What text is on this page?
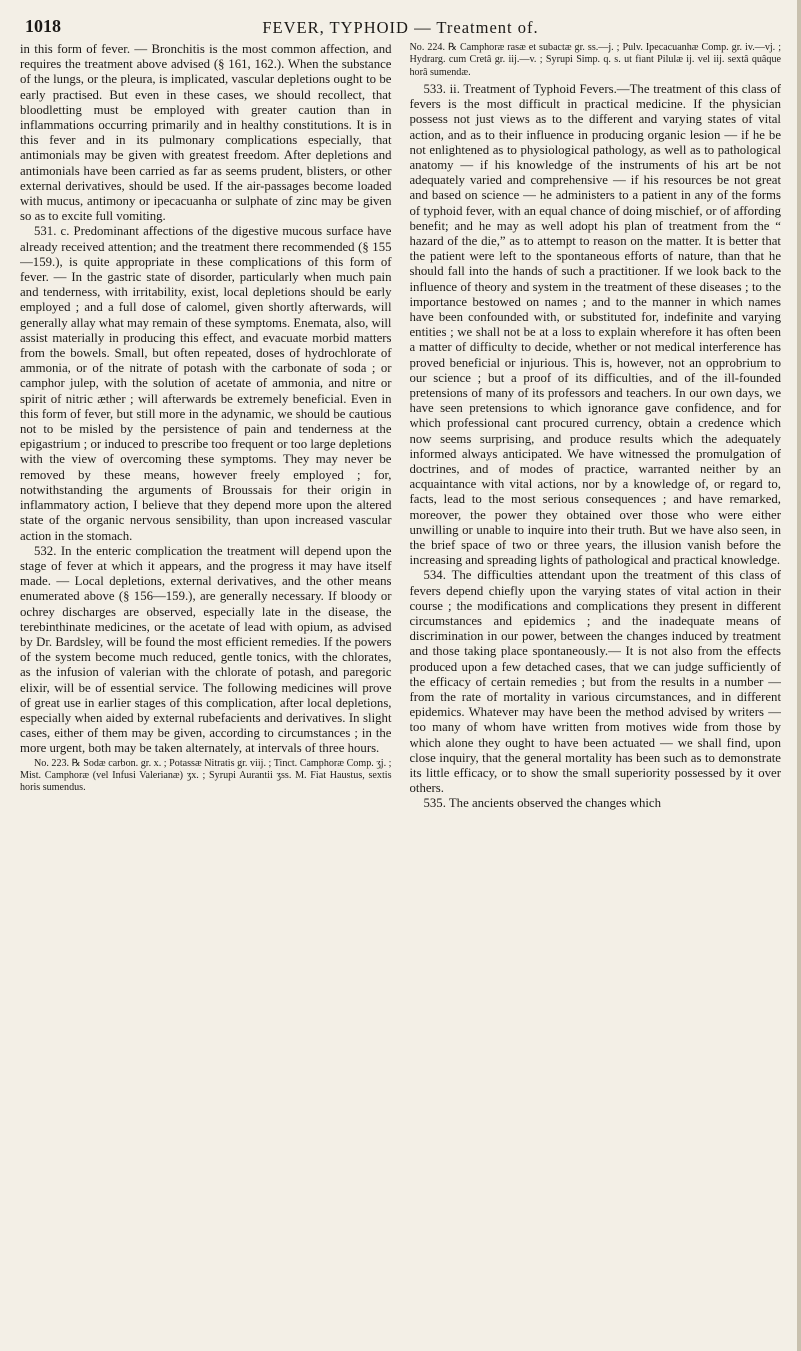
1018	FEVER, TYPHOID — Treatment of.

in this form of fever. — Bronchitis is the most common affection, and requires the treatment above advised (§ 161, 162.). When the substance of the lungs, or the pleura, is implicated, vascular depletions ought to be early practised. But even in these cases, we should recollect, that bloodletting must be employed with greater caution than in inflammations occurring primarily and in healthy constitutions. It is in this fever and in its pulmonary complications especially, that antimonials may be given with greatest freedom. After depletions and antimonials have been carried as far as seems prudent, blisters, or other external derivatives, should be used. If the air-passages become loaded with mucus, antimony or ipecacuanha or sulphate of zinc may be given so as to excite full vomiting.

531. c. Predominant affections of the digestive mucous surface have already received attention; and the treatment there recommended (§ 155—159.), is quite appropriate in these complications of this form of fever. — In the gastric state of disorder, particularly when much pain and tenderness, with irritability, exist, local depletions should be early employed ; and a full dose of calomel, given shortly afterwards, will generally allay what may remain of these symptoms. Enemata, also, will assist materially in producing this effect, and evacuate morbid matters from the bowels. Small, but often repeated, doses of hydrochlorate of ammonia, or of the nitrate of potash with the carbonate of soda ; or camphor julep, with the solution of acetate of ammonia, and nitre or spirit of nitric æther ; will afterwards be extremely beneficial. Even in this form of fever, but still more in the adynamic, we should be cautious not to be misled by the persistence of pain and tenderness at the epigastrium ; or induced to prescribe too frequent or too large depletions with the view of overcoming these symptoms. They may never be removed by these means, however freely employed ; for, notwithstanding the arguments of Broussais for their origin in inflammatory action, I believe that they depend more upon the altered state of the organic nervous sensibility, than upon increased vascular action in the stomach.

532. In the enteric complication the treatment will depend upon the stage of fever at which it appears, and the progress it may have itself made. — Local depletions, external derivatives, and the other means enumerated above (§ 156—159.), are generally necessary. If bloody or ochrey discharges are observed, especially late in the disease, the terebinthinate medicines, or the acetate of lead with opium, as advised by Dr. Bardsley, will be found the most efficient remedies. If the powers of the system become much reduced, gentle tonics, with the chlorates, as the infusion of valerian with the chlorate of potash, and paregoric elixir, will be of essential service. The following medicines will prove of great use in earlier stages of this complication, after local depletions, especially when aided by external rubefacients and derivatives. In slight cases, either of them may be given, according to circumstances ; in the more urgent, both may be taken alternately, at intervals of three hours.

No. 223. ℞ Sodæ carbon. gr. x. ; Potassæ Nitratis gr. viij. ; Tinct. Camphoræ Comp. ʒj. ; Mist. Camphoræ (vel Infusi Valerianæ) ʒx. ; Syrupi Aurantii ʒss. M. Fiat Haustus, sextis horis sumendus.

No. 224. ℞ Camphoræ rasæ et subactæ gr. ss.—j. ; Pulv. Ipecacuanhæ Comp. gr. iv.—vj. ; Hydrarg. cum Cretâ gr. iij.—v. ; Syrupi Simp. q. s. ut fiant Pilulæ ij. vel iij. sextâ quâque horâ sumendæ.

533. ii. Treatment of Typhoid Fevers.—The treatment of this class of fevers is the most difficult in practical medicine. If the physician possess not just views as to the different and varying states of vital action, and as to their influence in producing organic lesion — if he be not enlightened as to physiological pathology, as well as to pathological anatomy — if his knowledge of the instruments of his art be not adequately varied and comprehensive — if his resources be not great and based on science — he administers to a patient in any of the forms of typhoid fever, with an equal chance of doing mischief, or of affording benefit; and he may as well adopt his plan of treatment from the “ hazard of the die,” as to attempt to reason on the matter. It is better that the patient were left to the spontaneous efforts of nature, than that he should fall into the hands of such a practitioner. If we look back to the influence of theory and system in the treatment of these diseases ; to the importance bestowed on names ; and to the manner in which names have been confounded with, or substituted for, indefinite and varying entities ; we shall not be at a loss to explain wherefore it has often been a matter of difficulty to decide, whether or not medical interference has proved beneficial or injurious. This is, however, not an opprobrium to our science ; but a proof of its difficulties, and of the ill-founded pretensions of many of its professors and teachers. In our own days, we have seen pretensions to which ignorance gave confidence, and for which professional cant procured currency, obtain a credence which now seems surprising, and produce results which the adequately informed always anticipated. We have witnessed the promulgation of doctrines, and of modes of practice, warranted neither by an acquaintance with vital actions, nor by a knowledge of, or regard to, facts, lead to the most serious consequences ; and have remarked, moreover, the power they obtained over those who were either unwilling or unable to inquire into their truth. But we have also seen, in the brief space of two or three years, the illusion vanish before the increasing and spreading lights of pathological and practical knowledge.

534. The difficulties attendant upon the treatment of this class of fevers depend chiefly upon the varying states of vital action in their course ; the modifications and complications they present in different circumstances and epidemics ; and the inadequate means of discrimination in our power, between the changes induced by treatment and those taking place spontaneously.— It is not also from the effects produced upon a few detached cases, that we can judge sufficiently of the efficacy of certain remedies ; but from the results in a number — from the rate of mortality in various circumstances, and in different epidemics. Whatever may have been the method advised by writers — too many of whom have written from motives wide from those by which alone they ought to have been actuated — we shall find, upon close inquiry, that the general mortality has been such as to demonstrate its little efficacy, or to show the small superiority possessed by it over others.

535. The ancients observed the changes which
